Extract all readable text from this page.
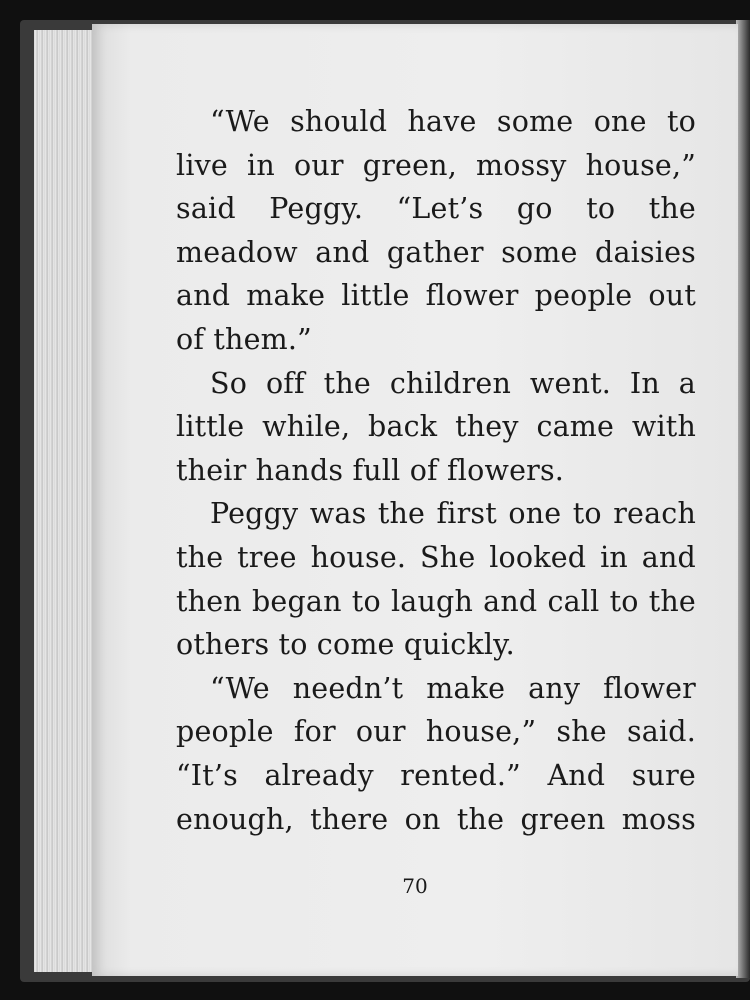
70
“We should have some one to
live in our green, mossy house,”
said Peggy. “Let’s go to the
meadow and gather some daisies
and make little flower people out
of them.”
So off the children went. In a
little while, back they came with
their hands full of flowers.
Peggy was the first one to reach
the tree house. She looked in and
then began to laugh and call to the
others to come quickly.
“We needn’t make any flower
people for our house,” she said.
“It’s already rented.” And sure
enough, there on the green moss
